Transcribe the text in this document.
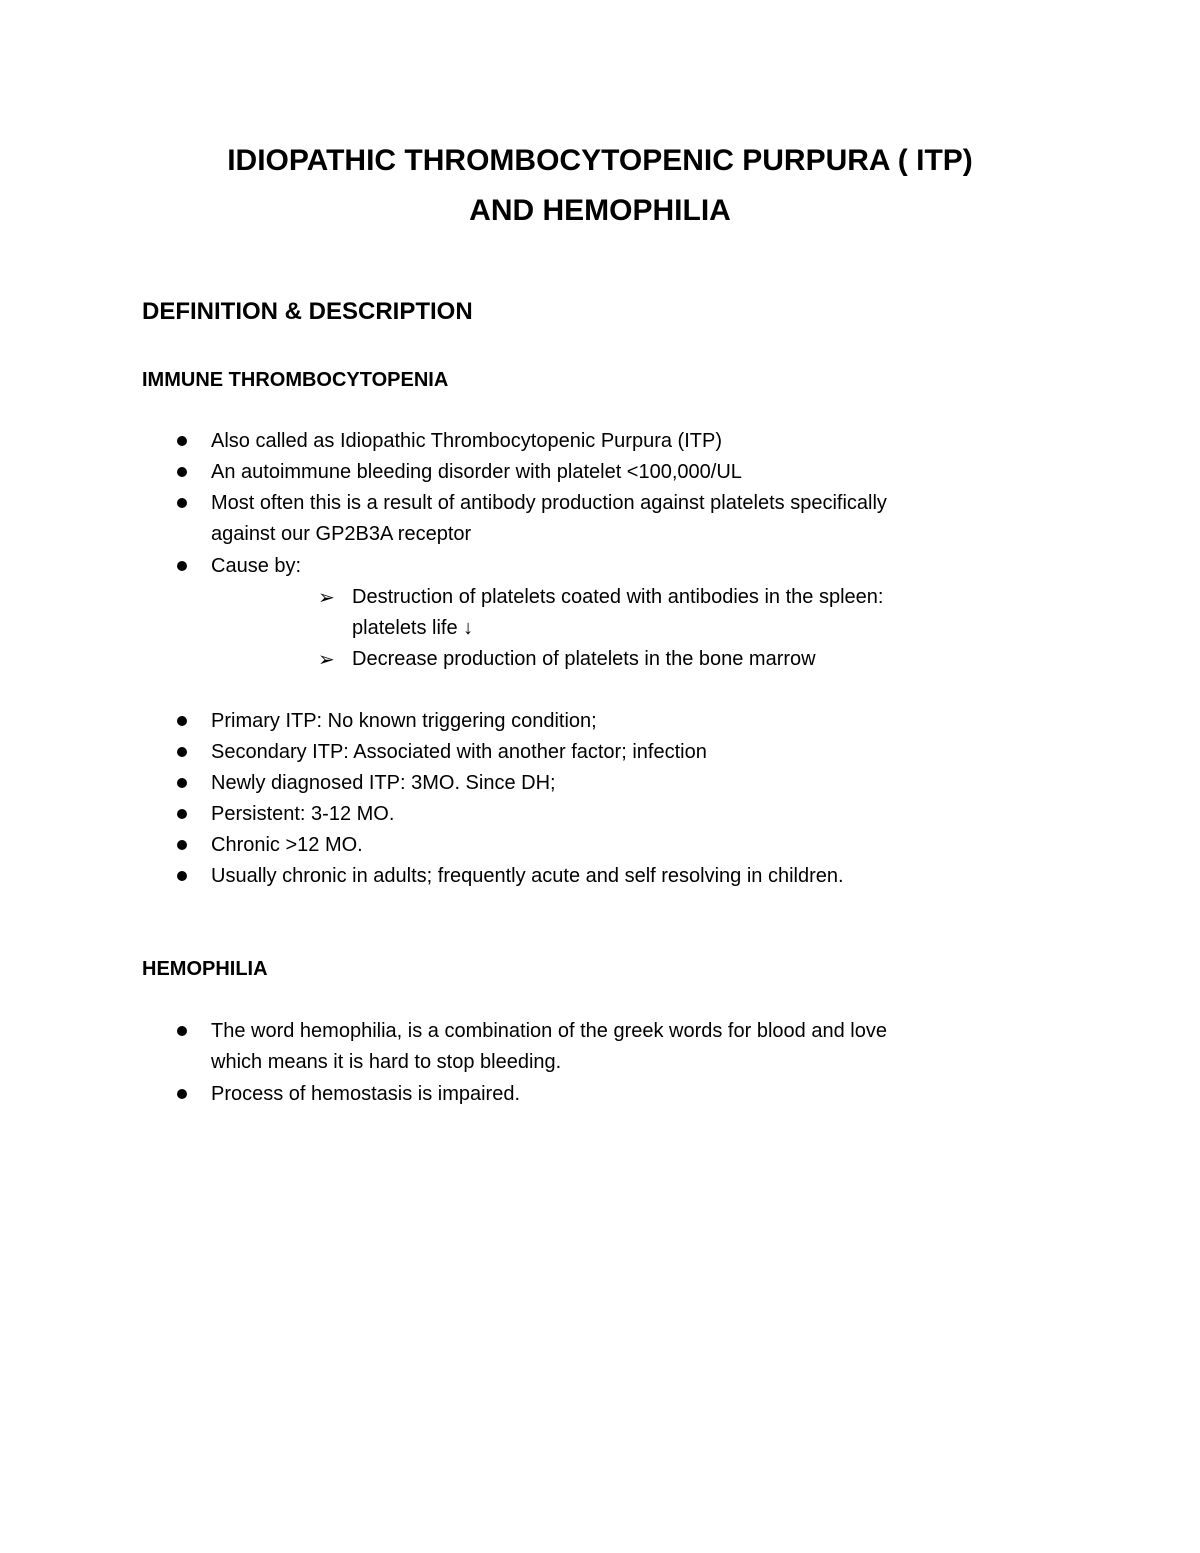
IDIOPATHIC THROMBOCYTOPENIC PURPURA ( ITP)
AND HEMOPHILIA
DEFINITION & DESCRIPTION
IMMUNE THROMBOCYTOPENIA

Also called as Idiopathic Thrombocytopenic Purpura (ITP)

An autoimmune bleeding disorder with platelet <100,000/UL

Most often this is a result of antibody production against platelets specifically

against our GP2B3A receptor

Cause by:

➢ Destruction of platelets coated with antibodies in the spleen:

platelets life ↓

➢ Decrease production of platelets in the bone marrow

Primary ITP: No known triggering condition;

Secondary ITP: Associated with another factor; infection

Newly diagnosed ITP: 3MO. Since DH;

Persistent: 3-12 MO.

Chronic >12 MO.

Usually chronic in adults; frequently acute and self resolving in children.

HEMOPHILIA

The word hemophilia, is a combination of the greek words for blood and love

which means it is hard to stop bleeding.

Process of hemostasis is impaired.
